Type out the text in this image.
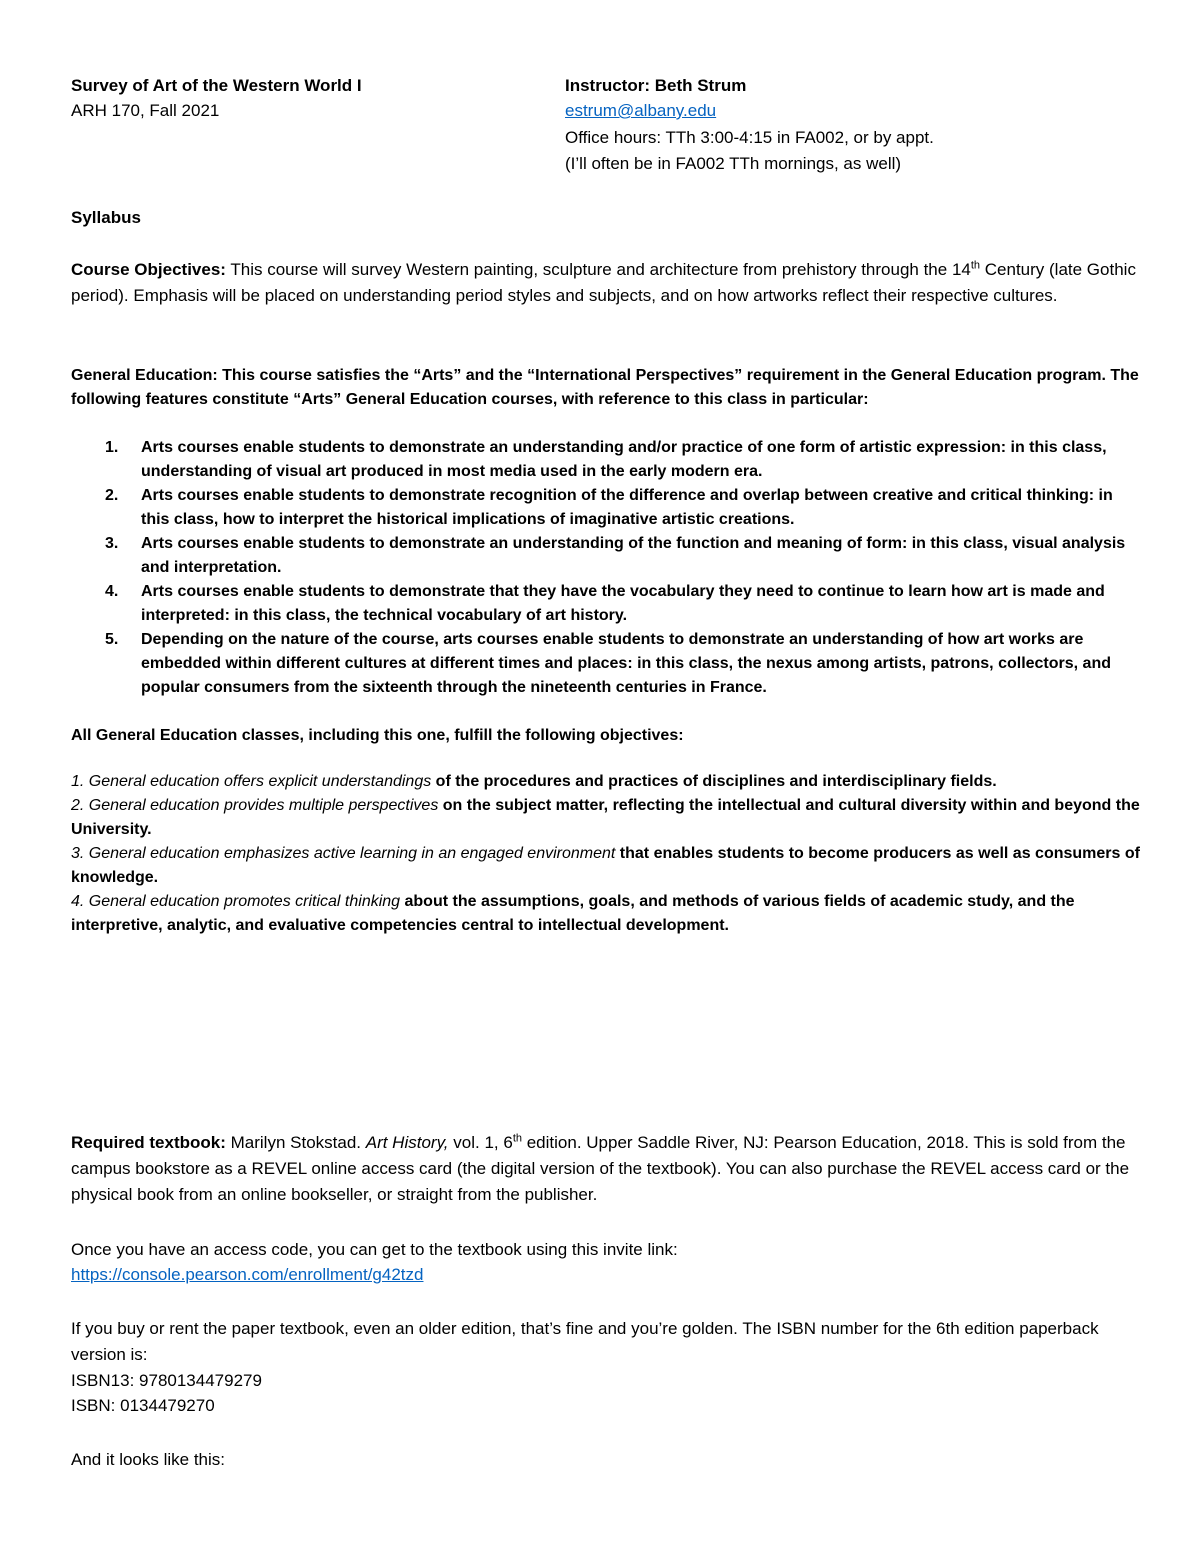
Survey of Art of the Western World I
ARH 170, Fall 2021
Instructor: Beth Strum
estrum@albany.edu
Office hours: TTh 3:00-4:15 in FA002, or by appt.
(I’ll often be in FA002 TTh mornings, as well)
Syllabus

Course Objectives: This course will survey Western painting, sculpture and architecture from prehistory through the 14th Century (late Gothic period). Emphasis will be placed on understanding period styles and subjects, and on how artworks reflect their respective cultures.

General Education: This course satisfies the “Arts” and the “International Perspectives” requirement in the General Education program. The following features constitute “Arts” General Education courses, with reference to this class in particular:
1. Arts courses enable students to demonstrate an understanding and/or practice of one form of artistic expression: in this class, understanding of visual art produced in most media used in the early modern era.
2. Arts courses enable students to demonstrate recognition of the difference and overlap between creative and critical thinking: in this class, how to interpret the historical implications of imaginative artistic creations.
3. Arts courses enable students to demonstrate an understanding of the function and meaning of form: in this class, visual analysis and interpretation.
4. Arts courses enable students to demonstrate that they have the vocabulary they need to continue to learn how art is made and interpreted: in this class, the technical vocabulary of art history.
5. Depending on the nature of the course, arts courses enable students to demonstrate an understanding of how art works are embedded within different cultures at different times and places: in this class, the nexus among artists, patrons, collectors, and popular consumers from the sixteenth through the nineteenth centuries in France.
All General Education classes, including this one, fulfill the following objectives:

1. General education offers explicit understandings of the procedures and practices of disciplines and interdisciplinary fields.

2. General education provides multiple perspectives on the subject matter, reflecting the intellectual and cultural diversity within and beyond the University.

3. General education emphasizes active learning in an engaged environment that enables students to become producers as well as consumers of knowledge.

4. General education promotes critical thinking about the assumptions, goals, and methods of various fields of academic study, and the interpretive, analytic, and evaluative competencies central to intellectual development.

Required textbook: Marilyn Stokstad. Art History, vol. 1, 6th edition. Upper Saddle River, NJ: Pearson Education, 2018. This is sold from the campus bookstore as a REVEL online access card (the digital version of the textbook). You can also purchase the REVEL access card or the physical book from an online bookseller, or straight from the publisher.

Once you have an access code, you can get to the textbook using this invite link:
https://console.pearson.com/enrollment/g42tzd
If you buy or rent the paper textbook, even an older edition, that’s fine and you’re golden. The ISBN number for the 6th edition paperback version is:
ISBN13: 9780134479279
ISBN: 0134479270
And it looks like this:
